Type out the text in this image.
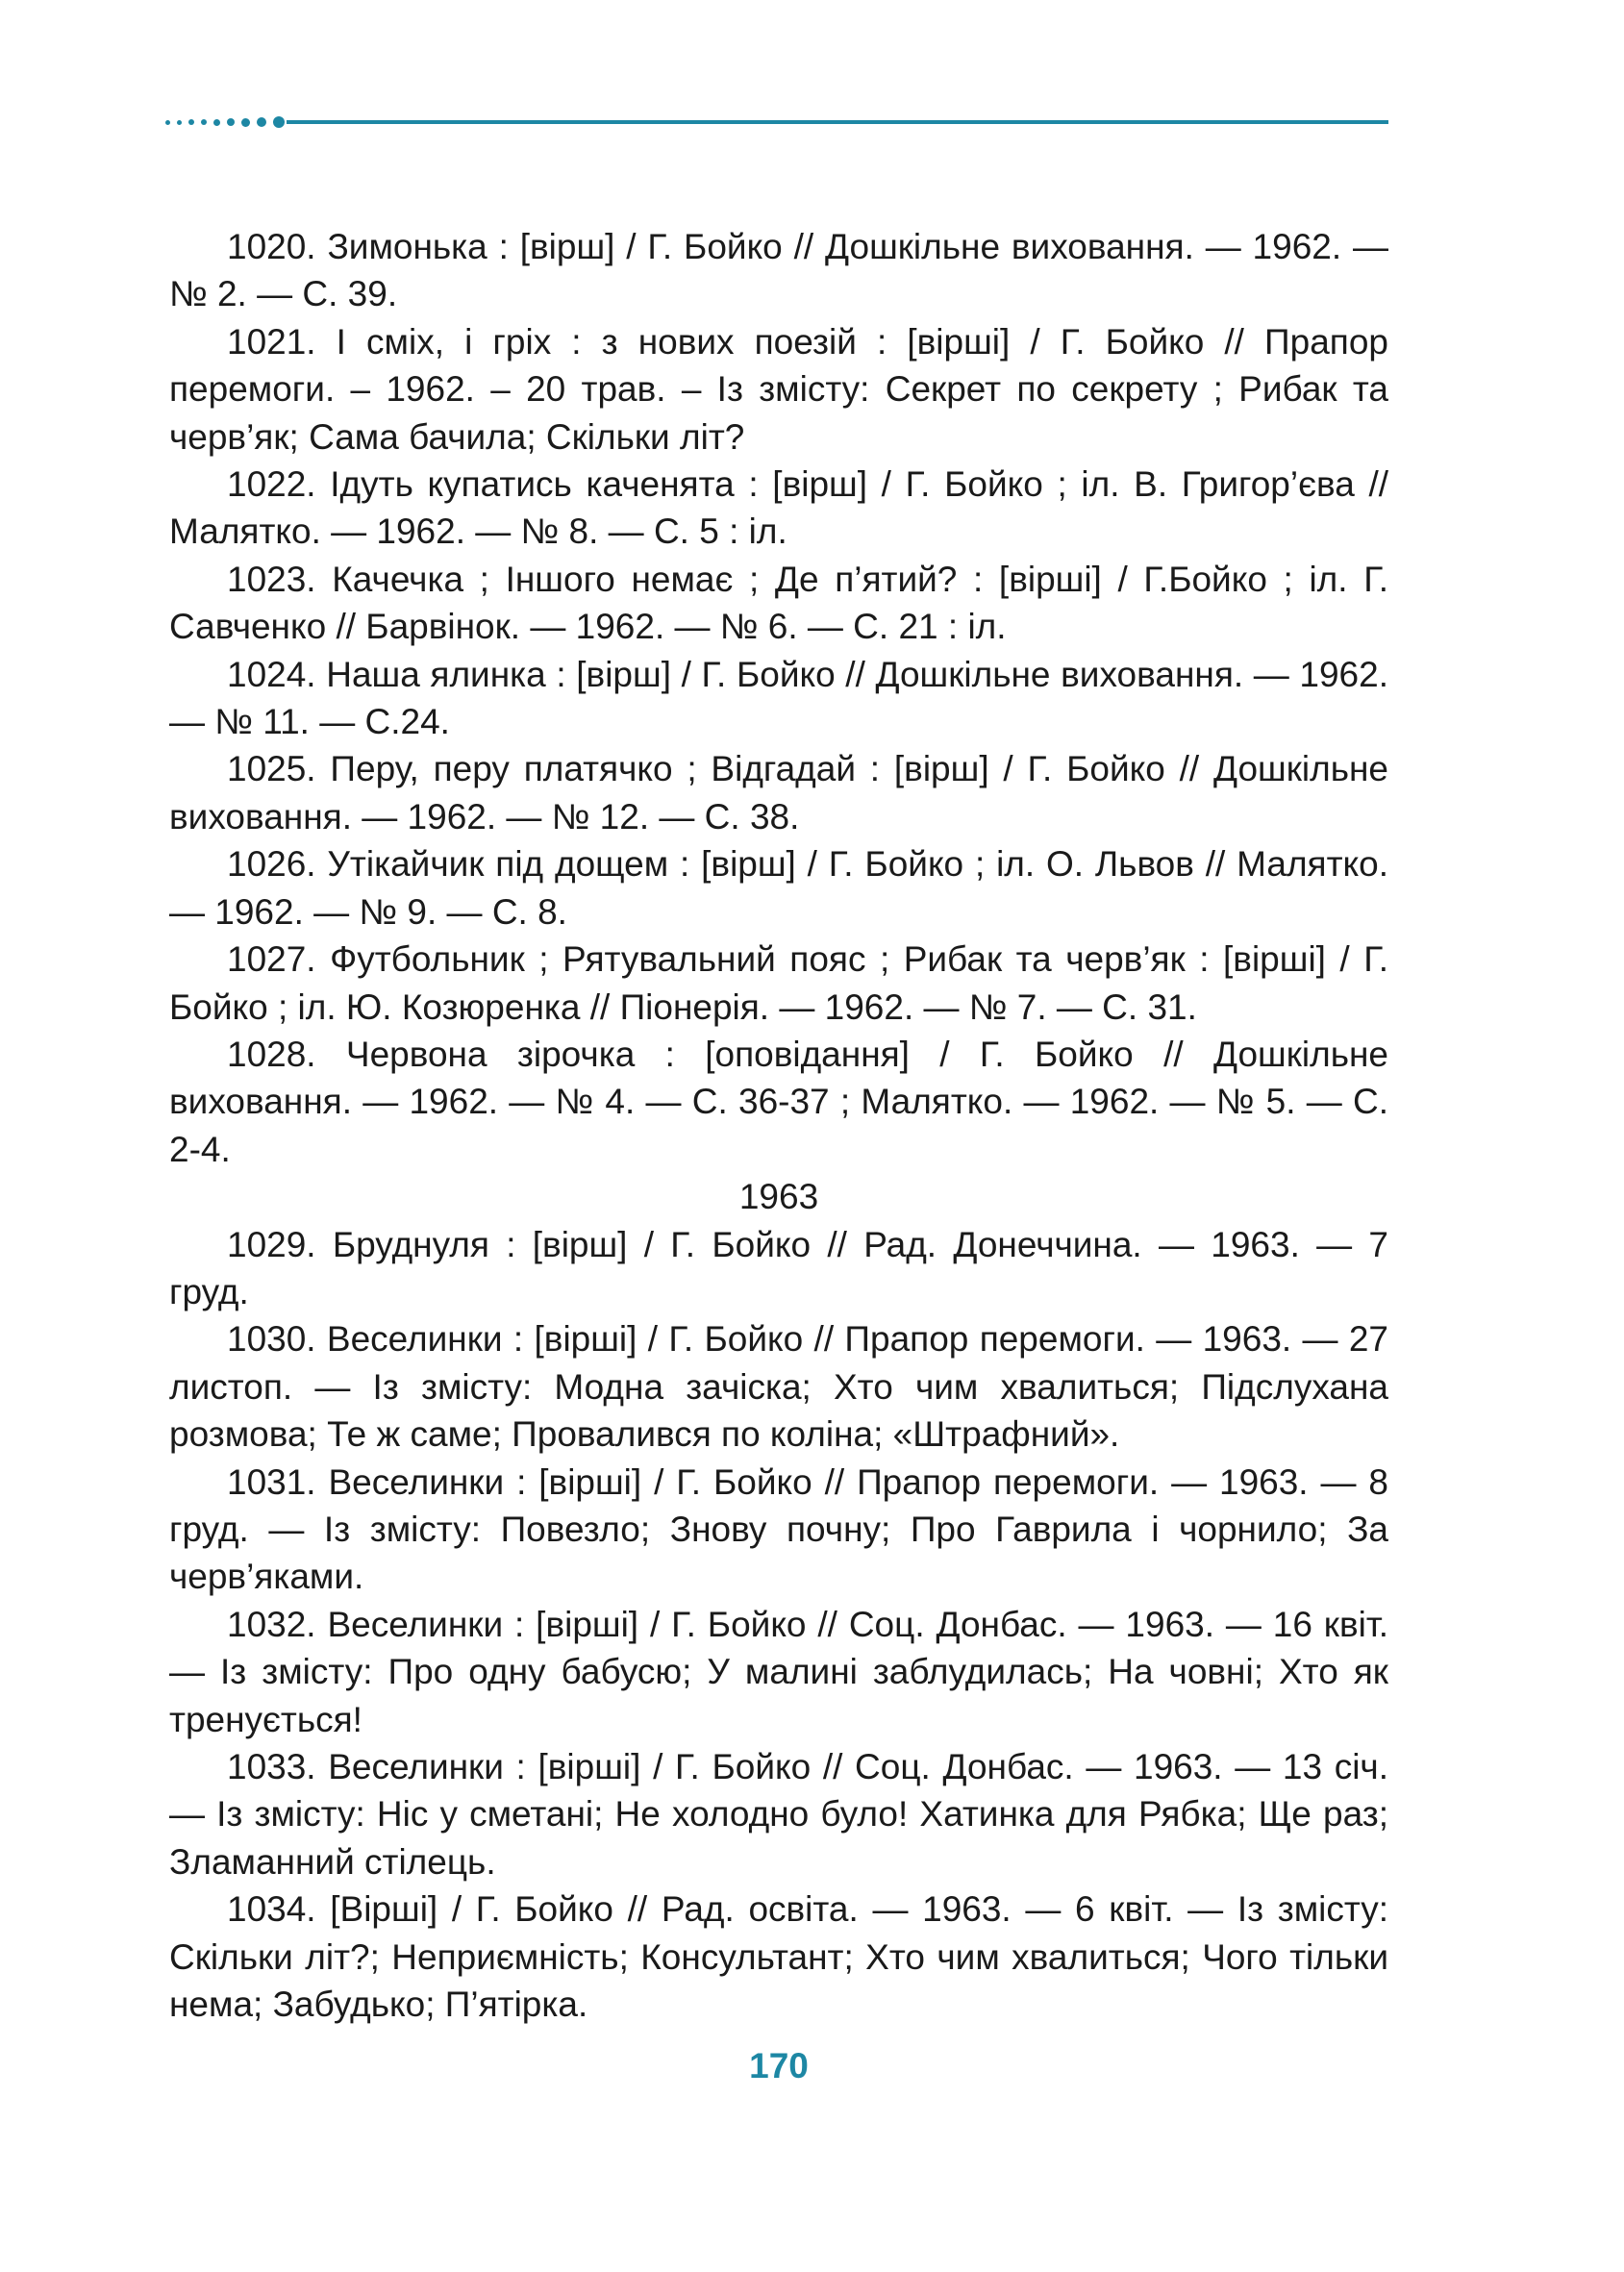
1020. Зимонька : [вірш] / Г. Бойко // Дошкільне виховання. — 1962. — № 2. — С. 39.

1021. І сміх, і гріх : з нових поезій : [вірші] / Г. Бойко // Прапор перемоги. – 1962. – 20 трав. – Із змісту: Секрет по секрету ; Рибак та черв’як; Сама бачила; Скільки літ?

1022. Ідуть купатись каченята : [вірш] / Г. Бойко ; іл. В. Григор’єва // Малятко. — 1962. — № 8. — С. 5 : іл.

1023. Качечка ; Іншого немає ; Де п’ятий? : [вірші] / Г.Бойко ; іл. Г. Савченко // Барвінок. — 1962. — № 6. — С. 21 : іл.

1024. Наша ялинка : [вірш] / Г. Бойко // Дошкільне виховання. — 1962. — № 11. — С.24.

1025. Перу, перу платячко ; Відгадай : [вірш] / Г. Бойко // Дошкільне виховання. — 1962. — № 12. — С. 38.

1026. Утікайчик під дощем : [вірш] / Г. Бойко ; іл. О. Львов // Малятко. — 1962. — № 9. — С. 8.

1027. Футбольник ; Рятувальний пояс ; Рибак та черв’як : [вірші] / Г. Бойко ; іл. Ю. Козюренка // Піонерія. — 1962. — № 7. — С. 31.

1028. Червона зірочка : [оповідання] / Г. Бойко // Дошкільне виховання. — 1962. — № 4. — С. 36-37 ; Малятко. — 1962. — № 5. — С. 2-4.

1963

1029. Бруднуля : [вірш] / Г. Бойко // Рад. Донеччина. — 1963. — 7 груд.

1030. Веселинки : [вірші] / Г. Бойко // Прапор перемоги. — 1963. — 27 листоп. — Із змісту: Модна зачіска; Хто чим хвалиться; Підслухана розмова; Те ж саме; Провалився по коліна; «Штрафний».

1031. Веселинки : [вірші] / Г. Бойко // Прапор перемоги. — 1963. — 8 груд. — Із змісту: Повезло; Знову почну; Про Гаврила і чорнило; За черв’яками.

1032. Веселинки : [вірші] / Г. Бойко // Соц. Донбас. — 1963. — 16 квіт. — Із змісту: Про одну бабусю; У малині заблудилась; На човні; Хто як тренується!

1033. Веселинки : [вірші] / Г. Бойко // Соц. Донбас. — 1963. — 13 січ. — Із змісту: Ніс у сметані; Не холодно було! Хатинка для Рябка; Ще раз; Зламанний стілець.

1034. [Вірші] / Г. Бойко // Рад. освіта. — 1963. — 6 квіт. — Із змісту: Скільки літ?; Неприємність; Консультант; Хто чим хвалиться; Чого тільки нема; Забудько; П’ятірка.

170
